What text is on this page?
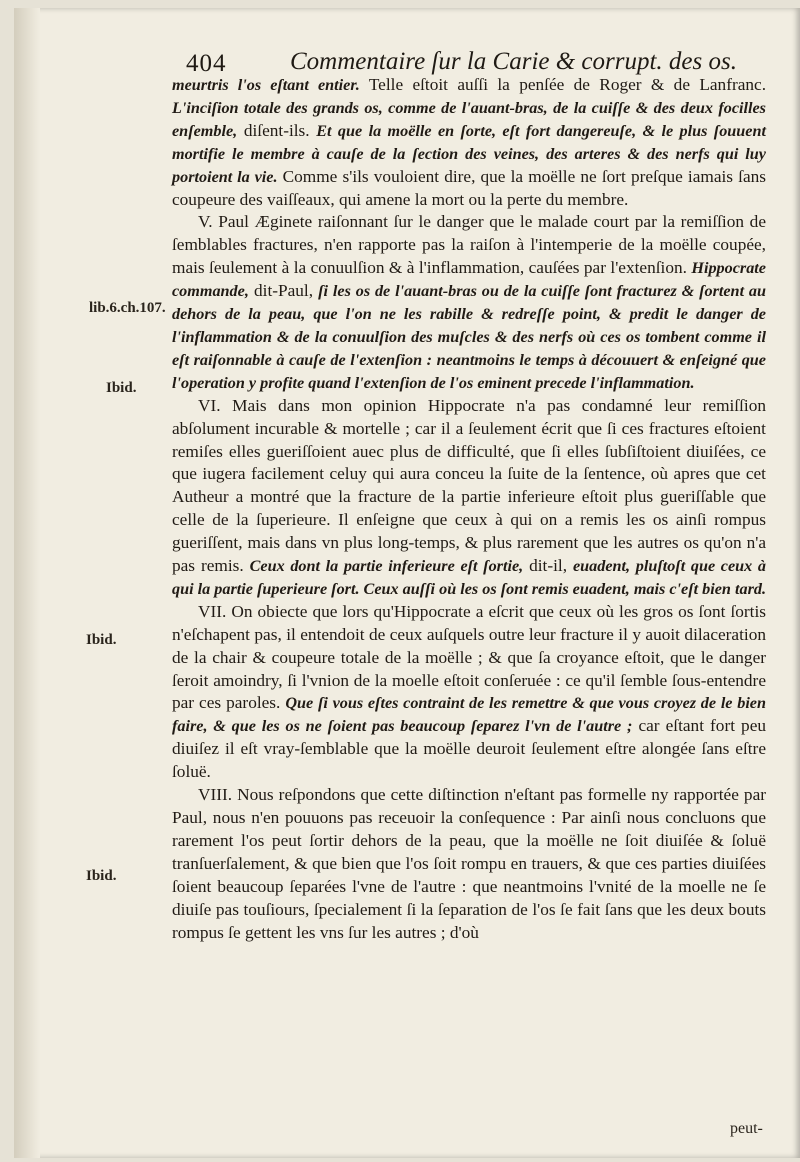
404	Commentaire ſur la Carie & corrupt. des os.

meurtris l'os eſtant entier. Telle eſtoit auſſi la penſée de Roger & de Lanfranc. L'inciſion totale des grands os, comme de l'auant-bras, de la cuiſſe & des deux focilles enſemble, diſent-ils. Et que la moëlle en ſorte, eſt fort dangereuſe, & le plus ſouuent mortifie le membre à cauſe de la ſection des veines, des arteres & des nerfs qui luy portoient la vie. Comme s'ils vouloient dire, que la moëlle ne ſort preſque iamais ſans coupeure des vaiſſeaux, qui amene la mort ou la perte du membre.

V. Paul Æginete raiſonnant ſur le danger que le malade court par la remiſſion de ſemblables fractures, n'en rapporte pas la raiſon à l'intemperie de la moëlle coupée, mais ſeulement à la conuulſion & à l'inflammation, cauſées par l'extenſion. Hippocrate commande, dit-Paul, ſi les os de l'auant-bras ou de la cuiſſe ſont fracturez & ſortent au dehors de la peau, que l'on ne les rabille & redreſſe point, & predit le danger de l'inflammation & de la conuulſion des muſcles & des nerfs où ces os tombent comme il eſt raiſonnable à cauſe de l'extenſion : neantmoins le temps à découuert & enſeigné que l'operation y profite quand l'extenſion de l'os eminent precede l'inflammation.

VI. Mais dans mon opinion Hippocrate n'a pas condamné leur remiſſion abſolument incurable & mortelle ; car il a ſeulement écrit que ſi ces fractures eſtoient remiſes elles gueriſſoient auec plus de difficulté, que ſi elles ſubſiſtoient diuiſées, ce que iugera facilement celuy qui aura conceu la ſuite de la ſentence, où apres que cet Autheur a montré que la fracture de la partie inferieure eſtoit plus gueriſſable que celle de la ſuperieure. Il enſeigne que ceux à qui on a remis les os ainſi rompus gueriſſent, mais dans vn plus long-temps, & plus rarement que les autres os qu'on n'a pas remis. Ceux dont la partie inferieure eſt ſortie, dit-il, euadent, pluſtoſt que ceux à qui la partie ſuperieure ſort. Ceux auſſi où les os ſont remis euadent, mais c'eſt bien tard.

VII. On obiecte que lors qu'Hippocrate a eſcrit que ceux où les gros os ſont ſortis n'eſchapent pas, il entendoit de ceux auſquels outre leur fracture il y auoit dilaceration de la chair & coupeure totale de la moëlle ; & que ſa croyance eſtoit, que le danger ſeroit amoindry, ſi l'vnion de la moelle eſtoit conſeruée : ce qu'il ſemble ſous-entendre par ces paroles. Que ſi vous eſtes contraint de les remettre & que vous croyez de le bien faire, & que les os ne ſoient pas beaucoup ſeparez l'vn de l'autre ; car eſtant fort peu diuiſez il eſt vray-ſemblable que la moëlle deuroit ſeulement eſtre alongée ſans eſtre ſoluë.

VIII. Nous reſpondons que cette diſtinction n'eſtant pas formelle ny rapportée par Paul, nous n'en pouuons pas receuoir la conſequence : Par ainſi nous concluons que rarement l'os peut ſortir dehors de la peau, que la moëlle ne ſoit diuiſée & ſoluë tranſuerſalement, & que bien que l'os ſoit rompu en trauers, & que ces parties diuiſées ſoient beaucoup ſeparées l'vne de l'autre : que neantmoins l'vnité de la moelle ne ſe diuiſe pas touſiours, ſpecialement ſi la ſeparation de l'os ſe fait ſans que les deux bouts rompus ſe gettent les vns ſur les autres ; d'où

lib.6.ch.107.
Ibid.
Ibid.
Ibid.
peut-
